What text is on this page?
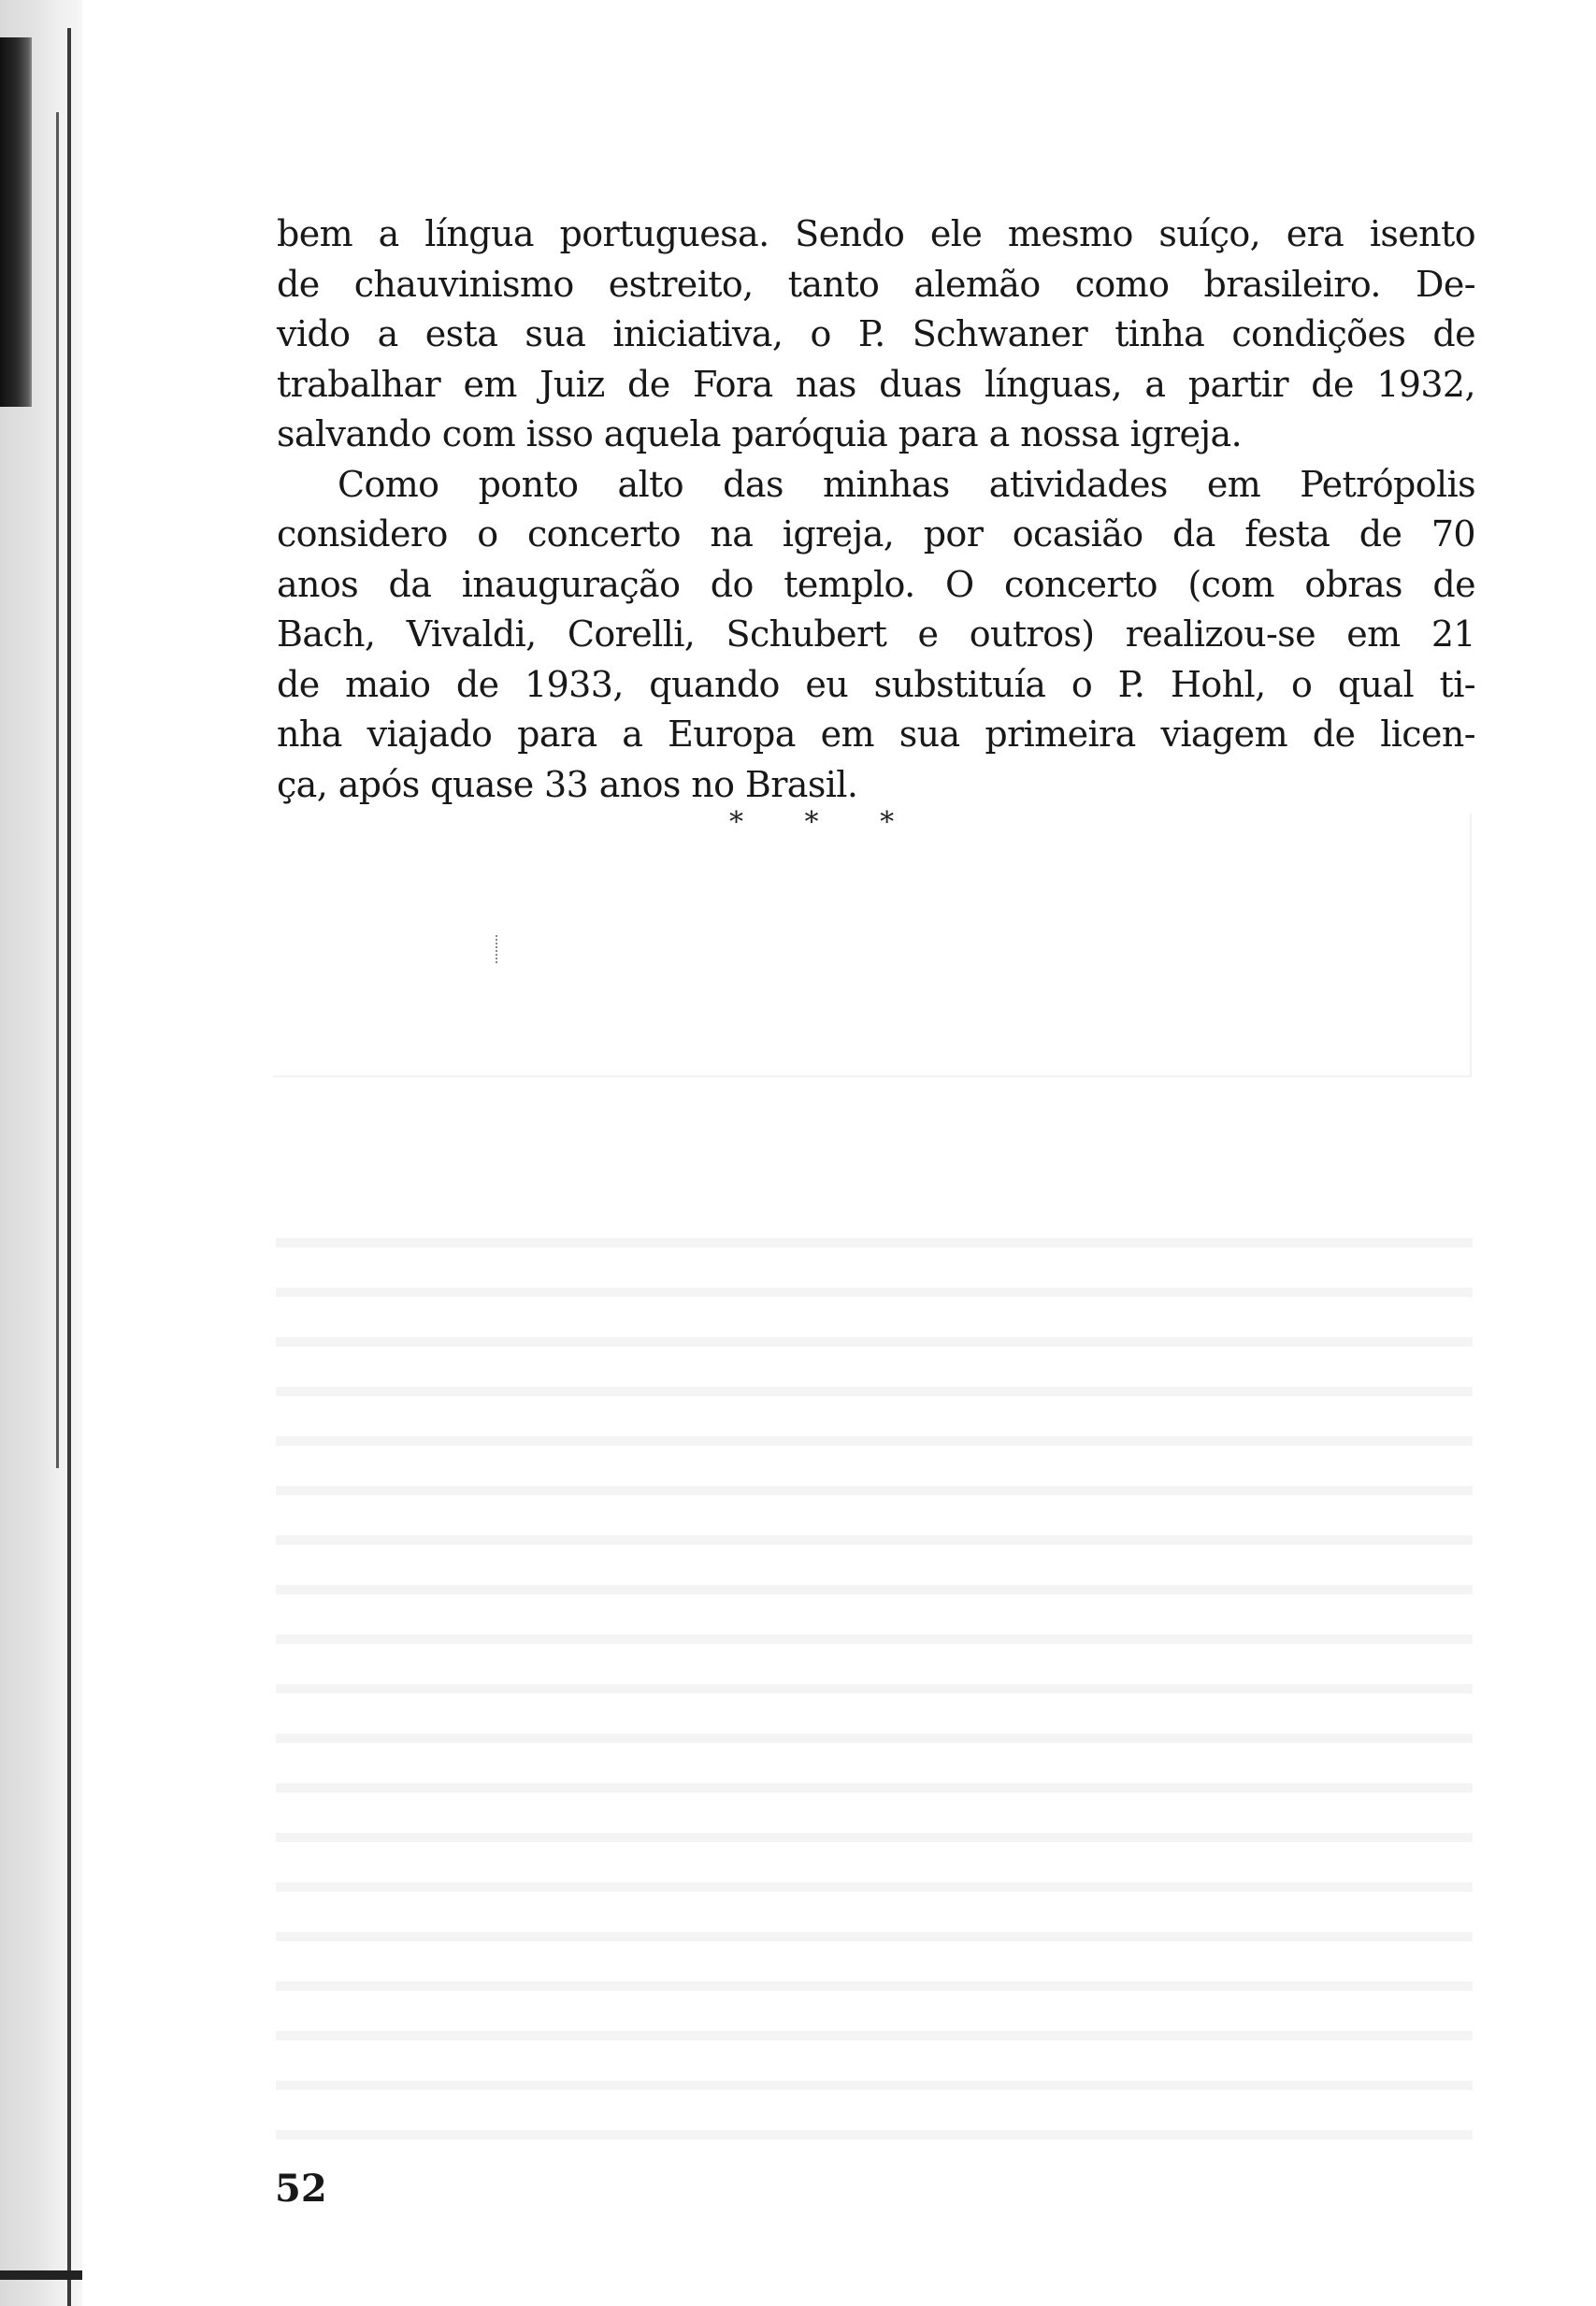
bem a língua portuguesa. Sendo ele mesmo suíço, era isento
de chauvinismo estreito, tanto alemão como brasileiro. De-
vido a esta sua iniciativa, o P. Schwaner tinha condições de
trabalhar em Juiz de Fora nas duas línguas, a partir de 1932,
salvando com isso aquela paróquia para a nossa igreja.
Como ponto alto das minhas atividades em Petrópolis
considero o concerto na igreja, por ocasião da festa de 70
anos da inauguração do templo. O concerto (com obras de
Bach, Vivaldi, Corelli, Schubert e outros) realizou-se em 21
de maio de 1933, quando eu substituía o P. Hohl, o qual ti-
nha viajado para a Europa em sua primeira viagem de licen-
ça, após quase 33 anos no Brasil.
* * *
52
